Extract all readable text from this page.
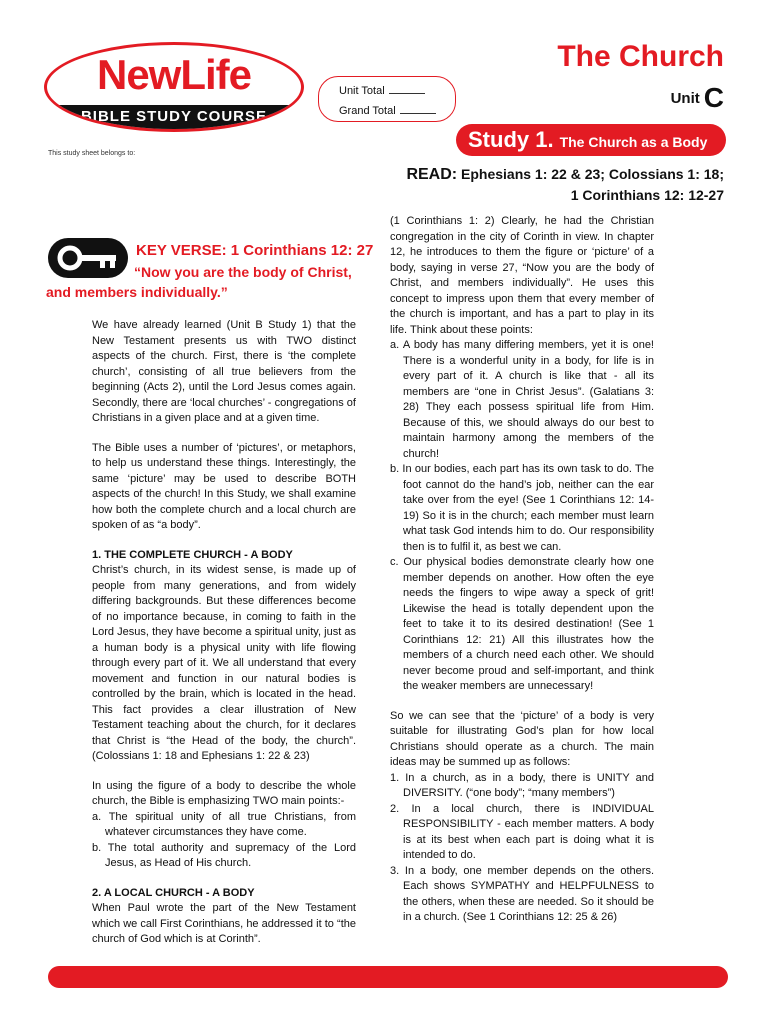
NewLife
BIBLE STUDY COURSE
This study sheet belongs to:
Unit Total
Grand Total
The Church
Unit C
Study 1. The Church as a Body
READ: Ephesians 1: 22 & 23; Colossians 1: 18;
1 Corinthians 12: 12-27
KEY VERSE: 1 Corinthians 12: 27
“Now you are the body of Christ,
and members individually.”

We have already learned (Unit B Study 1) that the New Testament presents us with TWO distinct aspects of the church. First, there is ‘the complete church’, consisting of all true believers from the beginning (Acts 2), until the Lord Jesus comes again. Secondly, there are ‘local churches’ - congregations of Christians in a given place and at a given time.

The Bible uses a number of ‘pictures’, or metaphors, to help us understand these things. Interestingly, the same ‘picture’ may be used to describe BOTH aspects of the church! In this Study, we shall examine how both the complete church and a local church are spoken of as “a body”.

1. THE COMPLETE CHURCH - A BODY

Christ’s church, in its widest sense, is made up of people from many generations, and from widely differing backgrounds. But these differences become of no importance because, in coming to faith in the Lord Jesus, they have become a spiritual unity, just as a human body is a physical unity with life flowing through every part of it. We all understand that every movement and function in our natural bodies is controlled by the brain, which is located in the head. This fact provides a clear illustration of New Testament teaching about the church, for it declares that Christ is “the Head of the body, the church”. (Colossians 1: 18 and Ephesians 1: 22 & 23)

In using the figure of a body to describe the whole church, the Bible is emphasizing TWO main points:-

a. The spiritual unity of all true Christians, from whatever circumstances they have come.
b. The total authority and supremacy of the Lord Jesus, as Head of His church.
2. A LOCAL CHURCH - A BODY

When Paul wrote the part of the New Testament which we call First Corinthians, he addressed it to “the church of God which is at Corinth”.

(1 Corinthians 1: 2) Clearly, he had the Christian congregation in the city of Corinth in view. In chapter 12, he introduces to them the figure or ‘picture’ of a body, saying in verse 27, “Now you are the body of Christ, and members individually”. He uses this concept to impress upon them that every member of the church is important, and has a part to play in its life. Think about these points:

a. A body has many differing members, yet it is one! There is a wonderful unity in a body, for life is in every part of it. A church is like that - all its members are “one in Christ Jesus”. (Galatians 3: 28) They each possess spiritual life from Him. Because of this, we should always do our best to maintain harmony among the members of the church!
b. In our bodies, each part has its own task to do. The foot cannot do the hand’s job, neither can the ear take over from the eye! (See 1 Corinthians 12: 14-19) So it is in the church; each member must learn what task God intends him to do. Our responsibility then is to fulfil it, as best we can.
c. Our physical bodies demonstrate clearly how one member depends on another. How often the eye needs the fingers to wipe away a speck of grit! Likewise the head is totally dependent upon the feet to take it to its desired destination! (See 1 Corinthians 12: 21) All this illustrates how the members of a church need each other. We should never become proud and self-important, and think the weaker members are unnecessary!

So we can see that the ‘picture’ of a body is very suitable for illustrating God’s plan for how local Christians should operate as a church. The main ideas may be summed up as follows:

1. In a church, as in a body, there is UNITY and DIVERSITY. (“one body”; “many members”)
2. In a local church, there is INDIVIDUAL RESPONSIBILITY - each member matters. A body is at its best when each part is doing what it is intended to do.
3. In a body, one member depends on the others. Each shows SYMPATHY and HELPFULNESS to the others, when these are needed. So it should be in a church. (See 1 Corinthians 12: 25 & 26)
